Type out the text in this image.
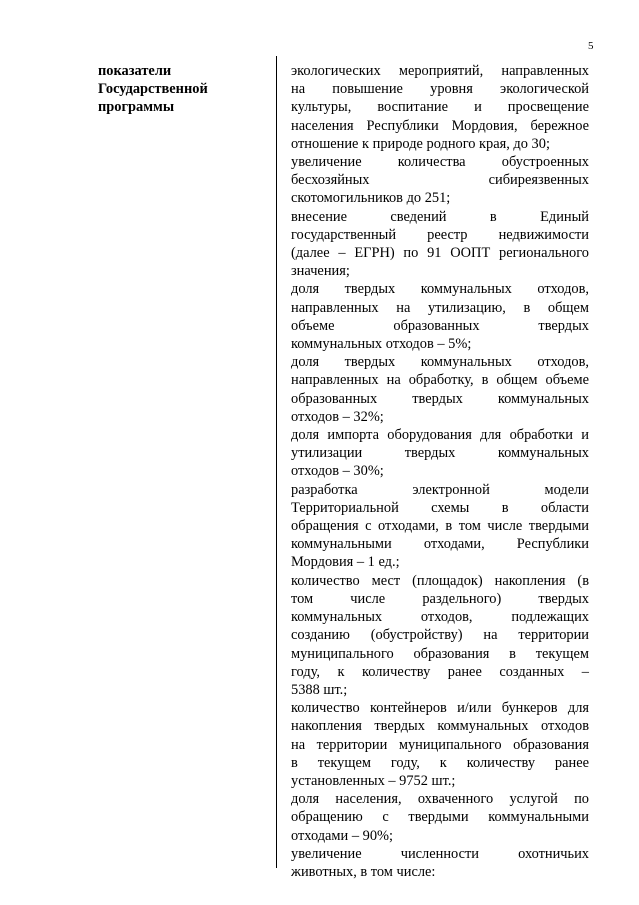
5
показатели
Государственной
программы
экологических мероприятий, направленных
на повышение уровня экологической
культуры, воспитание и просвещение
населения Республики Мордовия, бережное
отношение к природе родного края, до 30;
увеличение количества обустроенных
бесхозяйных сибиреязвенных
скотомогильников до 251;
внесение сведений в Единый
государственный реестр недвижимости
(далее – ЕГРН) по 91 ООПТ регионального
значения;
доля твердых коммунальных отходов,
направленных на утилизацию, в общем
объеме образованных твердых
коммунальных отходов – 5%;
доля твердых коммунальных отходов,
направленных на обработку, в общем объеме
образованных твердых коммунальных
отходов – 32%;
доля импорта оборудования для обработки и
утилизации твердых коммунальных
отходов – 30%;
разработка электронной модели
Территориальной схемы в области
обращения с отходами, в том числе твердыми
коммунальными отходами, Республики
Мордовия – 1 ед.;
количество мест (площадок) накопления (в
том числе раздельного) твердых
коммунальных отходов, подлежащих
созданию (обустройству) на территории
муниципального образования в текущем
году, к количеству ранее созданных –
5388 шт.;
количество контейнеров и/или бункеров для
накопления твердых коммунальных отходов
на территории муниципального образования
в текущем году, к количеству ранее
установленных – 9752 шт.;
доля населения, охваченного услугой по
обращению с твердыми коммунальными
отходами – 90%;
увеличение численности охотничьих
животных, в том числе:
